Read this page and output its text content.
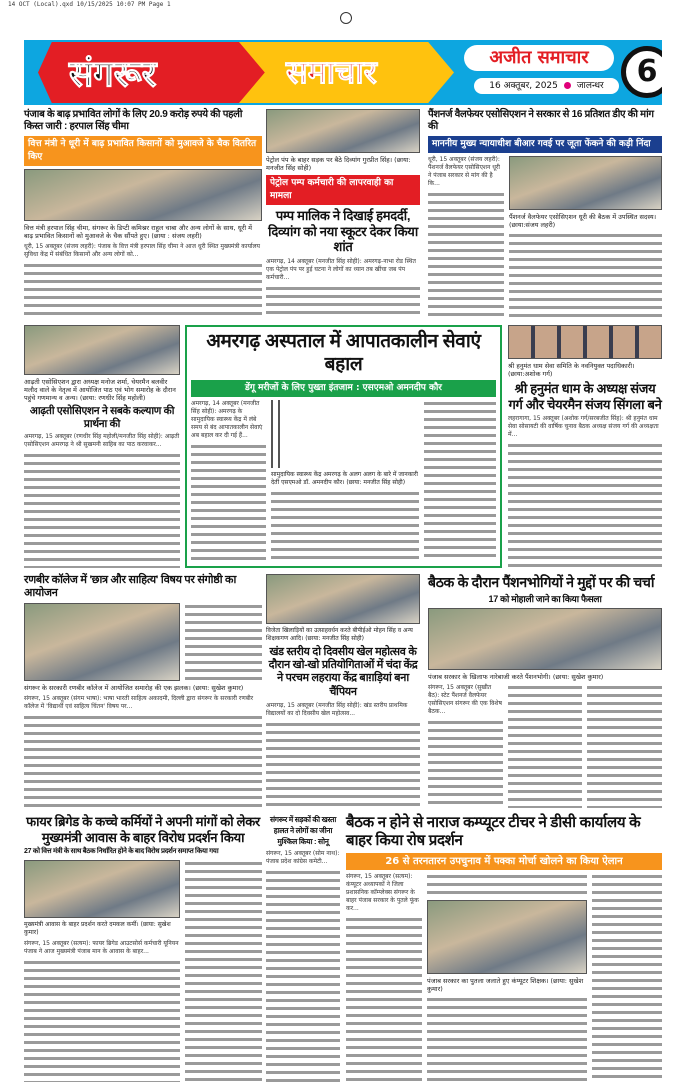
14 OCT (Local).qxd 10/15/2025 10:07 PM Page 1
संगरूर	समाचार	अजीत समाचार
16 अक्तूबर, 2025 जालन्धर	6
पंजाब के बाढ़ प्रभावित लोगों के लिए 20.9 करोड़ रुपये की पहली किस्त जारी : हरपाल सिंह चीमा
वित्त मंत्री ने धूरी में बाढ़ प्रभावित किसानों को मुआवजे के चैक वितरित किए
वित्त मंत्री हरपाल सिंह चीमा, संगरूर के डिप्टी कमिश्नर राहुल चाबा और अन्य लोगों के साथ, धूरी में बाढ़ प्रभावित किसानों को मुआवजे के चैक सौंपते हुए। (छाया : संजय लहरी)
धूरी, 15 अक्तूबर (संजय लहरी): पंजाब के वित्त मंत्री हरपाल सिंह चीमा ने आज धूरी स्थित मुख्यमंत्री कार्यालय सुविधा केंद्र में संबंधित किसानों और अन्य लोगों को...
पेट्रोल पंप के बाहर सड़क पर बैठे दिव्यांग गुरप्रीत सिंह। (छाया: मनजीत सिंह सोही)
पेट्रोल पम्प कर्मचारी की लापरवाही का मामला
पम्प मालिक ने दिखाई हमदर्दी, दिव्यांग को नया स्कूटर देकर किया शांत
अमरगढ़, 14 अक्तूबर (मनजीत सिंह सोही): अमरगढ़-नाभा रोड स्थित एक पेट्रोल पंप पर हुई घटना ने लोगों का ध्यान तब खींचा जब पंप कर्मचारी...
पैंशनर्ज वैलफेयर एसोसिएशन ने सरकार से 16 प्रतिशत डीए की मांग की
माननीय मुख्य न्यायाधीश बीआर गवई पर जूता फेंकने की कड़ी निंदा
धूरी, 15 अक्तूबर (संजय लहरी): पैंशनर्ज वैलफेयर एसोसिएशन धूरी ने पंजाब सरकार से मांग की है कि...
पैंशनर्ज वैलफेयर एसोसिएशन धूरी की बैठक में उपस्थित सदस्य। (छाया:संजय लहरी)
आढ़ती एसोसिएशन द्वारा अध्यक्ष मनोज शर्मा, चेयरमैन बलवीर मलौद वाले के नेतृत्व में आयोजित पाठ एवं भोग समारोह के दौरान पहुंचे गणमान्य व अन्य। (छाया: रणधीर सिंह महोली)
आढ़ती एसोसिएशन ने सबके कल्याण की प्रार्थना की
अमरगढ़, 15 अक्तूबर (रणधीर सिंह महोली/मनजीत सिंह सोही): आढ़ती एसोसिएशन अमरगढ़ ने श्री सुखमनी साहिब का पाठ करवाकर...
अमरगढ़ अस्पताल में आपातकालीन सेवाएं बहाल
डेंगू मरीजों के लिए पुख्ता इंतजाम : एसएमओ अमनदीप कौर
अमरगढ़, 14 अक्तूबर (मनजीत सिंह सोही): अमरगढ़ के सामुदायिक स्वास्थ्य केंद्र में लंबे समय से बंद आपातकालीन सेवाएं अब बहाल कर दी गई हैं...
सामुदायिक स्वास्थ्य केंद्र अमरगढ़ के अलग अलग के बारे में जानकारी देतीं एसएमओ डॉ. अमनदीप कौर। (छाया: मनजीत सिंह सोही)
श्री हनुमंत धाम सेवा समिति के नवनियुक्त पदाधिकारी। (छाया:अशोक गर्ग)
श्री हनुमंत धाम के अध्यक्ष संजय गर्ग और चेयरमैन संजय सिंगला बने
लहरागागा, 15 अक्तूबर (अशोक गर्ग/सरबजीत सिंह): श्री हनुमंत धाम सेवा सोसायटी की वार्षिक चुनाव बैठक अध्यक्ष संजय गर्ग की अध्यक्षता में...
रणबीर कॉलेज में 'छात्र और साहित्य' विषय पर संगोष्ठी का आयोजन
संगरूर के सरकारी रणबीर कॉलेज में आयोजित समारोह की एक झलक। (छाया: सुखेश कुमार)
संगरूर, 15 अक्तूबर (संगम भाषा): भाषा भारती साहित्य अकादमी, दिल्ली द्वारा संगरूर के सरकारी रणबीर कॉलेज में 'विद्यार्थी एवं साहित्य चिंतन' विषय पर...
विजेता खिलाड़ियों का उत्साहवर्धन करते बीपीईओ मोहन सिंह व अन्य शिक्षकगण आदि। (छाया: मनजीत सिंह सोही)
खंड स्तरीय दो दिवसीय खेल महोत्सव के दौरान खो-खो प्रतियोगिताओं में चंदा केंद्र ने परचम लहराया केंद्र बाग़ड़ियां बना चैंपियन
अमरगढ़, 15 अक्तूबर (मनजीत सिंह सोही): खंड स्तरीय प्राथमिक विद्यालयों का दो दिवसीय खेल महोत्सव...
बैठक के दौरान पैंशनभोगियों ने मुद्दों पर की चर्चा
17 को मोहाली जाने का किया फैसला
पंजाब सरकार के खिलाफ नारेबाजी करते पैंशनभोगी। (छाया: सुखेश कुमार)
संगरूर, 15 अक्तूबर (सुखीत बैठ): स्टेट पैंशनर्ज वैलफेयर एसोसिएशन संगरूर की एक विशेष बैठक...
फायर ब्रिगेड के कच्चे कर्मियों ने अपनी मांगों को लेकर मुख्यमंत्री आवास के बाहर विरोध प्रदर्शन किया
27 को वित्त मंत्री के साथ बैठक निर्धारित होने के बाद विरोध प्रदर्शन समाप्त किया गया
मुख्यमंत्री आवास के बाहर प्रदर्शन करते दमकल कर्मी। (छाया: सुखेश कुमार)
संगरूर, 15 अक्तूबर (सत्यम): फायर ब्रिगेड आउटसोर्स कर्मचारी यूनियन पंजाब ने आज मुख्यमंत्री पंजाब मान के आवास के बाहर...
संगरूर में सड़कों की खस्ता हालत ने लोगों का जीना मुश्किल किया : सोनू
संगरूर, 15 अक्तूबर (सोम नाथ): पंजाब प्रदेश कांग्रेस कमेटी...
बैठक न होने से नाराज कम्प्यूटर टीचर ने डीसी कार्यालय के बाहर किया रोष प्रदर्शन
26 से तरनतारन उपचुनाव में पक्का मोर्चा खोलने का किया ऐलान
संगरूर, 15 अक्तूबर (सत्यम): कंप्यूटर अध्यापकों ने जिला प्रशासनिक कॉम्प्लेक्स संगरूर के बाहर पंजाब सरकार के पुतले फूंक कर...
पंजाब सरकार का पुतला जलाते हुए कंप्यूटर शिक्षक। (छाया: सुखेश कुमार)
